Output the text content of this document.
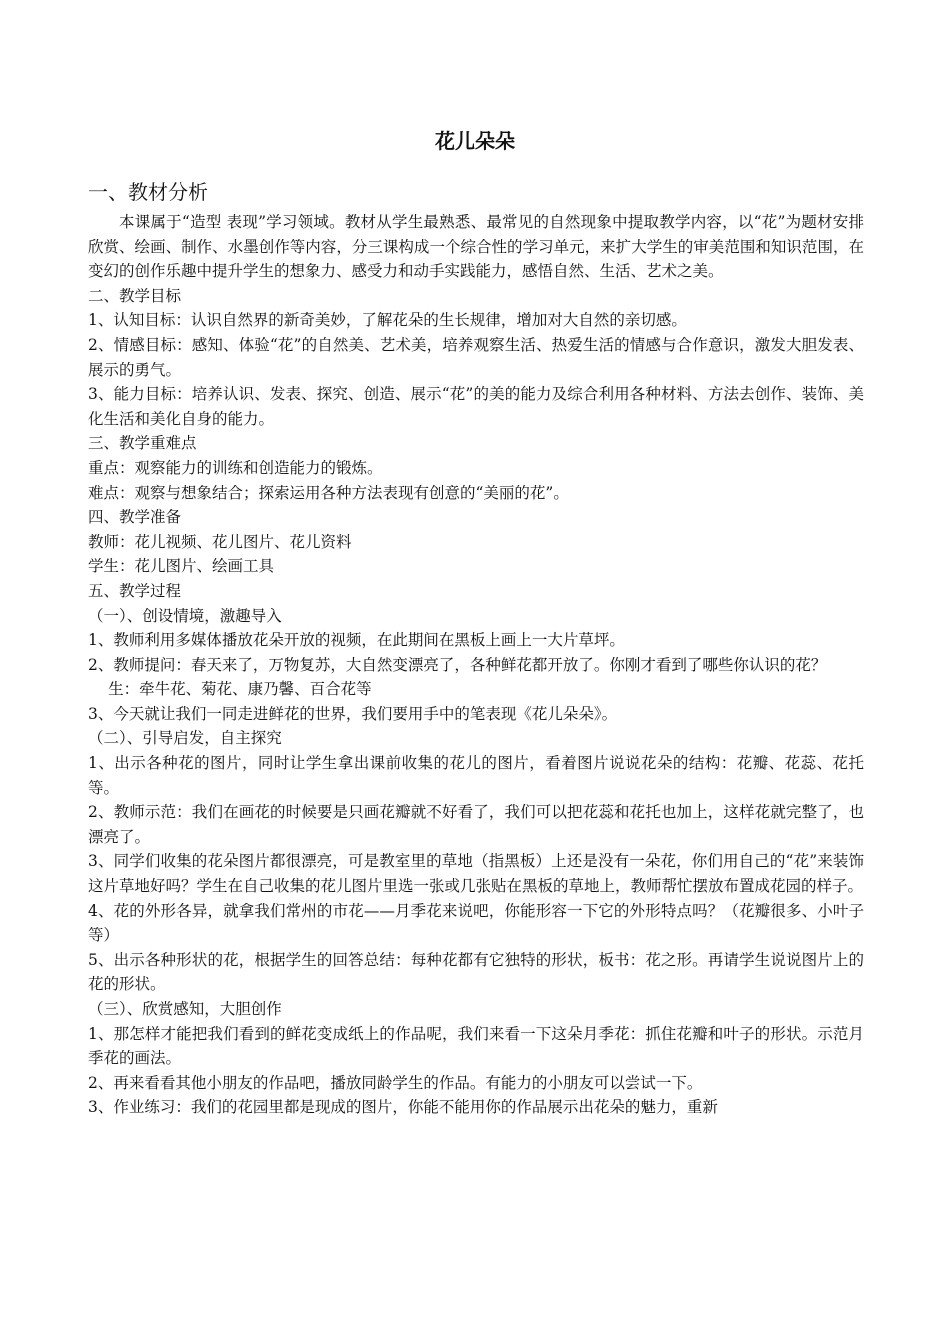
花儿朵朵
一、教材分析

本课属于“造型 表现”学习领域。教材从学生最熟悉、最常见的自然现象中提取教学内容，以“花”为题材安排欣赏、绘画、制作、水墨创作等内容，分三课构成一个综合性的学习单元，来扩大学生的审美范围和知识范围，在变幻的创作乐趣中提升学生的想象力、感受力和动手实践能力，感悟自然、生活、艺术之美。

二、教学目标

1、认知目标：认识自然界的新奇美妙，了解花朵的生长规律，增加对大自然的亲切感。

2、情感目标：感知、体验“花”的自然美、艺术美，培养观察生活、热爱生活的情感与合作意识，激发大胆发表、展示的勇气。

3、能力目标：培养认识、发表、探究、创造、展示“花”的美的能力及综合利用各种材料、方法去创作、装饰、美化生活和美化自身的能力。

三、教学重难点

重点：观察能力的训练和创造能力的锻炼。

难点：观察与想象结合；探索运用各种方法表现有创意的“美丽的花”。

四、教学准备

教师：花儿视频、花儿图片、花儿资料

学生：花儿图片、绘画工具

五、教学过程

（一）、创设情境，激趣导入

1、教师利用多媒体播放花朵开放的视频，在此期间在黑板上画上一大片草坪。

2、教师提问：春天来了，万物复苏，大自然变漂亮了，各种鲜花都开放了。你刚才看到了哪些你认识的花？

生：牵牛花、菊花、康乃馨、百合花等

3、今天就让我们一同走进鲜花的世界，我们要用手中的笔表现《花儿朵朵》。

（二）、引导启发，自主探究

1、出示各种花的图片，同时让学生拿出课前收集的花儿的图片，看着图片说说花朵的结构：花瓣、花蕊、花托等。

2、教师示范：我们在画花的时候要是只画花瓣就不好看了，我们可以把花蕊和花托也加上，这样花就完整了，也漂亮了。

3、同学们收集的花朵图片都很漂亮，可是教室里的草地（指黑板）上还是没有一朵花，你们用自己的“花”来装饰这片草地好吗？学生在自己收集的花儿图片里选一张或几张贴在黑板的草地上，教师帮忙摆放布置成花园的样子。

4、花的外形各异，就拿我们常州的市花——月季花来说吧，你能形容一下它的外形特点吗？（花瓣很多、小叶子等）

5、出示各种形状的花，根据学生的回答总结：每种花都有它独特的形状，板书：花之形。再请学生说说图片上的花的形状。

（三）、欣赏感知，大胆创作

1、那怎样才能把我们看到的鲜花变成纸上的作品呢，我们来看一下这朵月季花：抓住花瓣和叶子的形状。示范月季花的画法。

2、再来看看其他小朋友的作品吧，播放同龄学生的作品。有能力的小朋友可以尝试一下。

3、作业练习：我们的花园里都是现成的图片，你能不能用你的作品展示出花朵的魅力，重新
